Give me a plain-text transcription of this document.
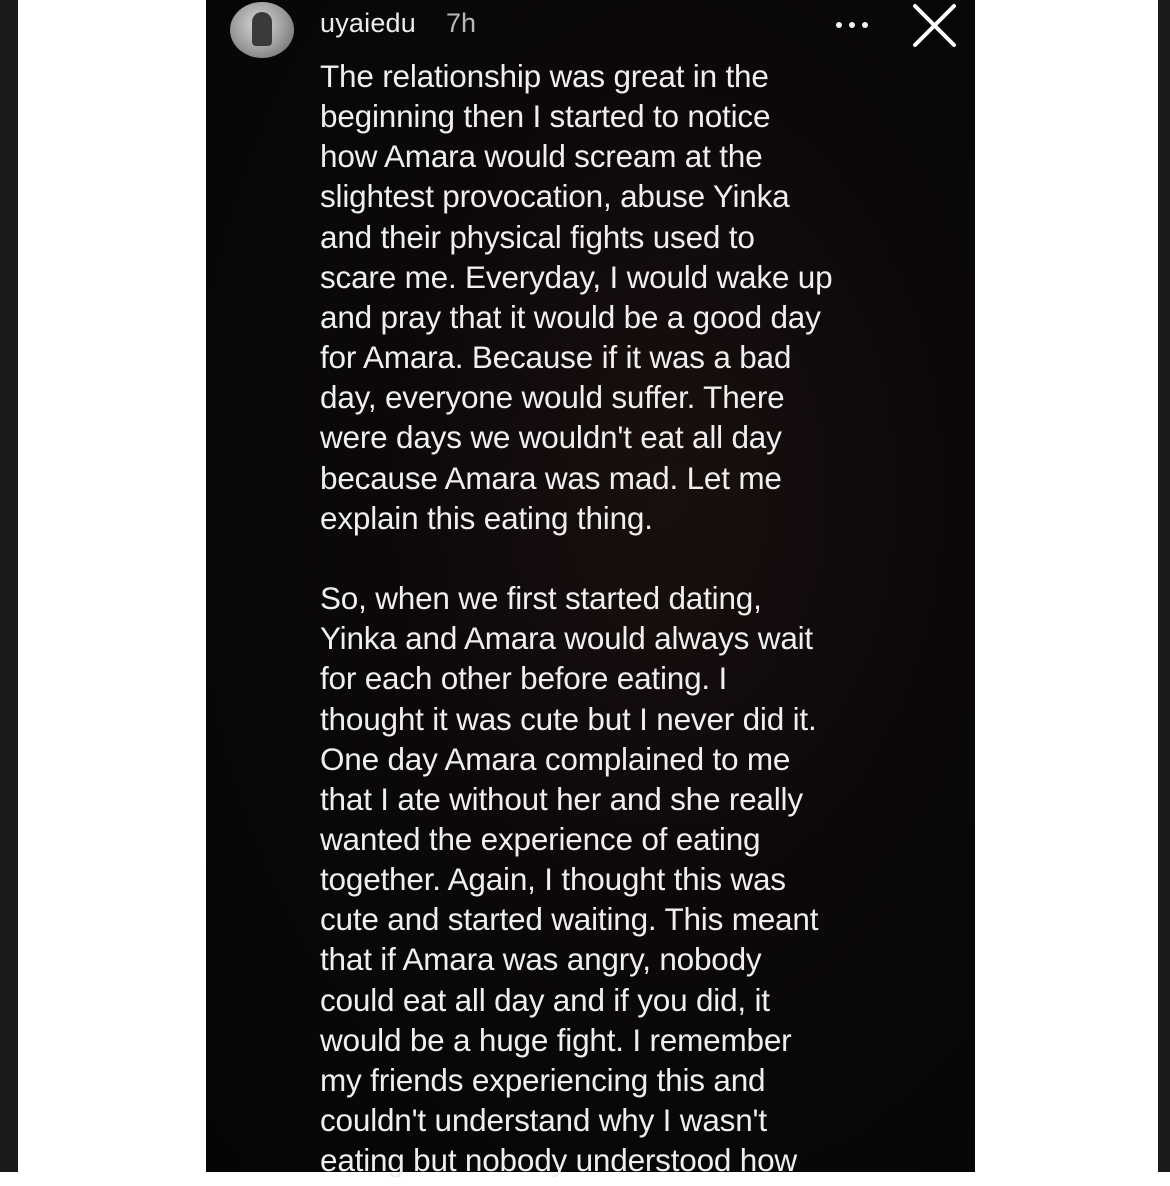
uyaiedu 7h
The relationship was great in the
beginning then I started to notice
how Amara would scream at the
slightest provocation, abuse Yinka
and their physical fights used to
scare me. Everyday, I would wake up
and pray that it would be a good day
for Amara. Because if it was a bad
day, everyone would suffer. There
were days we wouldn't eat all day
because Amara was mad. Let me
explain this eating thing.

So, when we first started dating,
Yinka and Amara would always wait
for each other before eating. I
thought it was cute but I never did it.
One day Amara complained to me
that I ate without her and she really
wanted the experience of eating
together. Again, I thought this was
cute and started waiting. This meant
that if Amara was angry, nobody
could eat all day and if you did, it
would be a huge fight. I remember
my friends experiencing this and
couldn't understand why I wasn't
eating but nobody understood how
